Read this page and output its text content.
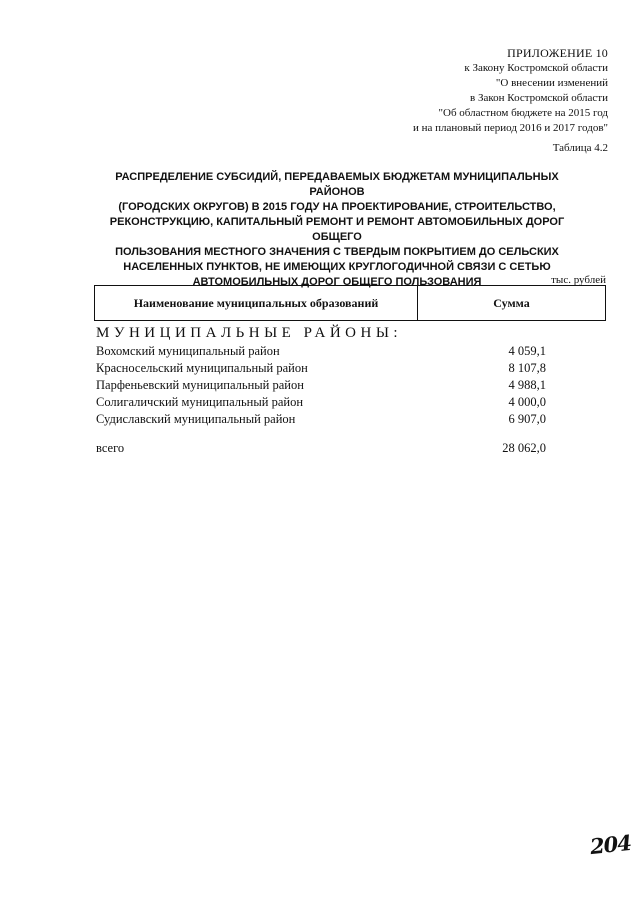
ПРИЛОЖЕНИЕ 10
к Закону Костромской области
"О внесении изменений
в Закон Костромской области
"Об областном бюджете на 2015 год
и на плановый период 2016 и 2017 годов"
Таблица 4.2
РАСПРЕДЕЛЕНИЕ СУБСИДИЙ, ПЕРЕДАВАЕМЫХ БЮДЖЕТАМ МУНИЦИПАЛЬНЫХ РАЙОНОВ
(ГОРОДСКИХ ОКРУГОВ) В 2015 ГОДУ НА ПРОЕКТИРОВАНИЕ, СТРОИТЕЛЬСТВО,
РЕКОНСТРУКЦИЮ, КАПИТАЛЬНЫЙ РЕМОНТ И РЕМОНТ АВТОМОБИЛЬНЫХ ДОРОГ ОБЩЕГО
ПОЛЬЗОВАНИЯ МЕСТНОГО ЗНАЧЕНИЯ С ТВЕРДЫМ ПОКРЫТИЕМ ДО СЕЛЬСКИХ
НАСЕЛЕННЫХ ПУНКТОВ, НЕ ИМЕЮЩИХ КРУГЛОГОДИЧНОЙ СВЯЗИ С СЕТЬЮ
АВТОМОБИЛЬНЫХ ДОРОГ ОБЩЕГО ПОЛЬЗОВАНИЯ	тыс. рублей
Наименование муниципальных образований	Сумма
МУНИЦИПАЛЬНЫЕ РАЙОНЫ:
Вохомский муниципальный район	4 059,1
Красносельский муниципальный район	8 107,8
Парфеньевский муниципальный район	4 988,1
Солигаличский муниципальный район	4 000,0
Судиславский муниципальный район	6 907,0
всего	28 062,0
204
